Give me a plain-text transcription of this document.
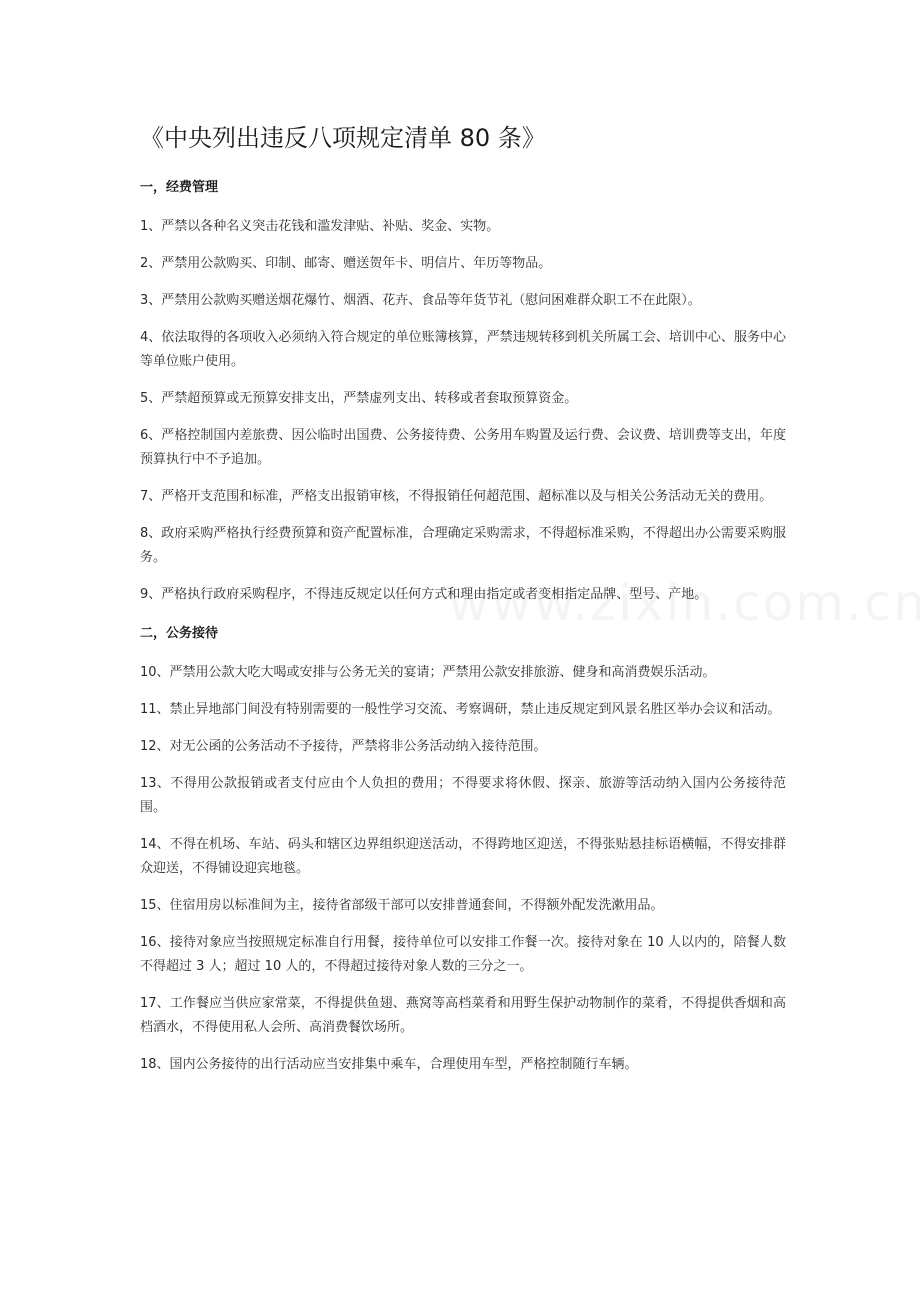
《中央列出违反八项规定清单 80 条》

一，经费管理

1、严禁以各种名义突击花钱和滥发津贴、补贴、奖金、实物。

2、严禁用公款购买、印制、邮寄、赠送贺年卡、明信片、年历等物品。

3、严禁用公款购买赠送烟花爆竹、烟酒、花卉、食品等年货节礼（慰问困难群众职工不在此限）。

4、依法取得的各项收入必须纳入符合规定的单位账簿核算，严禁违规转移到机关所属工会、培训中心、服务中心等单位账户使用。

5、严禁超预算或无预算安排支出，严禁虚列支出、转移或者套取预算资金。

6、严格控制国内差旅费、因公临时出国费、公务接待费、公务用车购置及运行费、会议费、培训费等支出，年度预算执行中不予追加。

7、严格开支范围和标准，严格支出报销审核，不得报销任何超范围、超标准以及与相关公务活动无关的费用。

8、政府采购严格执行经费预算和资产配置标准，合理确定采购需求，不得超标准采购，不得超出办公需要采购服务。

9、严格执行政府采购程序，不得违反规定以任何方式和理由指定或者变相指定品牌、型号、产地。

二，公务接待

10、严禁用公款大吃大喝或安排与公务无关的宴请；严禁用公款安排旅游、健身和高消费娱乐活动。

11、禁止异地部门间没有特别需要的一般性学习交流、考察调研，禁止违反规定到风景名胜区举办会议和活动。

12、对无公函的公务活动不予接待，严禁将非公务活动纳入接待范围。

13、不得用公款报销或者支付应由个人负担的费用；不得要求将休假、探亲、旅游等活动纳入国内公务接待范围。

14、不得在机场、车站、码头和辖区边界组织迎送活动，不得跨地区迎送，不得张贴悬挂标语横幅，不得安排群众迎送，不得铺设迎宾地毯。

15、住宿用房以标准间为主，接待省部级干部可以安排普通套间，不得额外配发洗漱用品。

16、接待对象应当按照规定标准自行用餐，接待单位可以安排工作餐一次。接待对象在 10 人以内的，陪餐人数不得超过 3 人；超过 10 人的，不得超过接待对象人数的三分之一。

17、工作餐应当供应家常菜，不得提供鱼翅、燕窝等高档菜肴和用野生保护动物制作的菜肴，不得提供香烟和高档酒水，不得使用私人会所、高消费餐饮场所。

18、国内公务接待的出行活动应当安排集中乘车，合理使用车型，严格控制随行车辆。
